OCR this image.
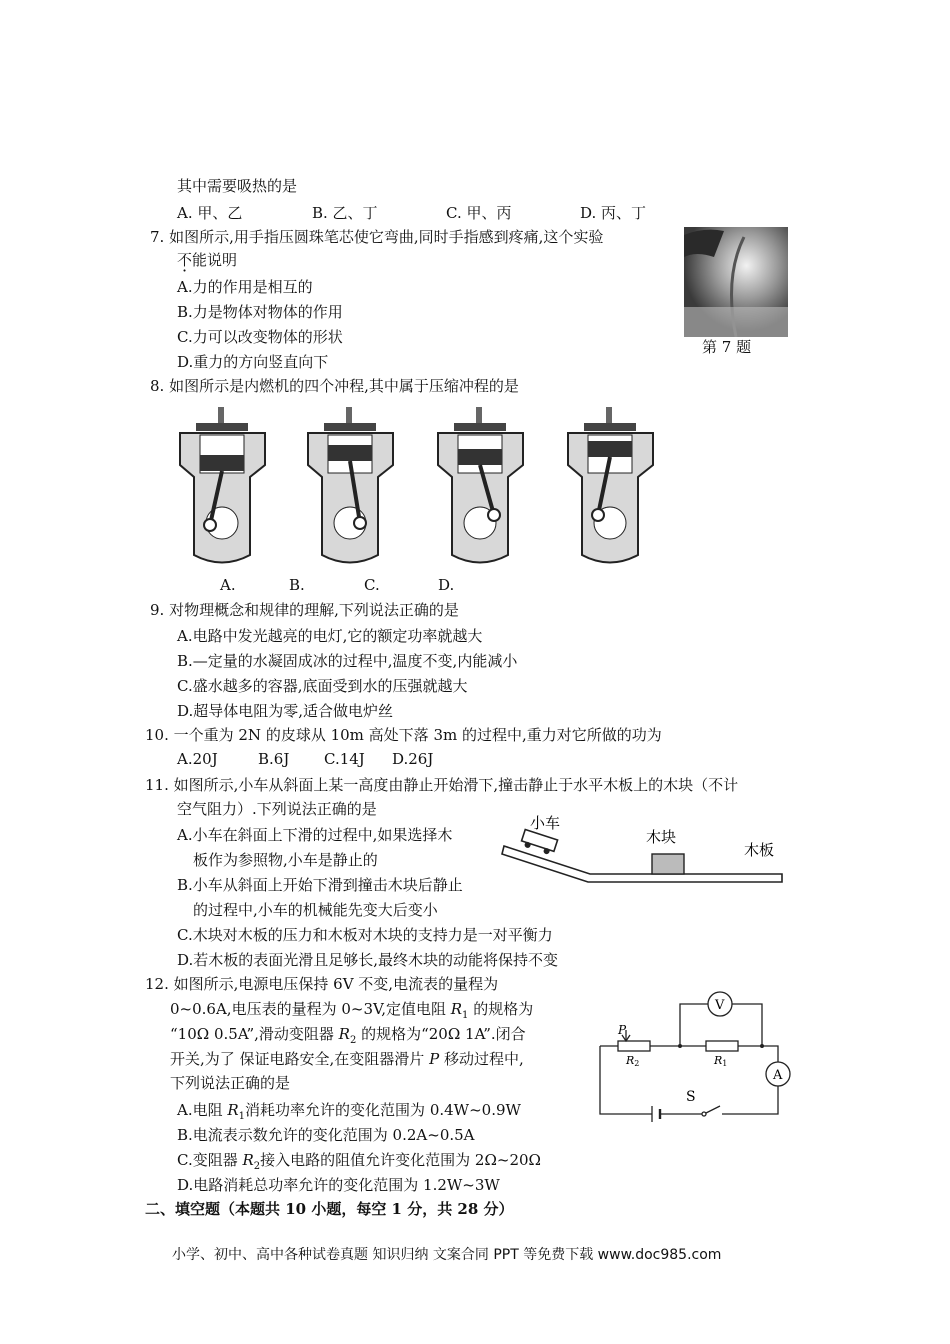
其中需要吸热的是
A. 甲、乙	B. 乙、丁	C. 甲、丙	D. 丙、丁
7. 如图所示,用手指压圆珠笔芯使它弯曲,同时手指感到疼痛,这个实验
不能说明
A.力的作用是相互的
B.力是物体对物体的作用
C.力可以改变物体的形状
D.重力的方向竖直向下
第 7 题
8. 如图所示是内燃机的四个冲程,其中属于压缩冲程的是
A.	B.	C.	D.
9. 对物理概念和规律的理解,下列说法正确的是
A.电路中发光越亮的电灯,它的额定功率就越大
B.—定量的水凝固成冰的过程中,温度不变,内能减小
C.盛水越多的容器,底面受到水的压强就越大
D.超导体电阻为零,适合做电炉丝
10. 一个重为 2N 的皮球从 10m 高处下落 3m 的过程中,重力对它所做的功为
A.20J	B.6J C.14J D.26J
11. 如图所示,小车从斜面上某一高度由静止开始滑下,撞击静止于水平木板上的木块（不计
空气阻力）.下列说法正确的是
A.小车在斜面上下滑的过程中,如果选择木
板作为参照物,小车是静止的
B.小车从斜面上开始下滑到撞击木块后静止
的过程中,小车的机械能先变大后变小
C.木块对木板的压力和木板对木块的支持力是一对平衡力
D.若木板的表面光滑且足够长,最终木块的动能将保持不变
小车
木块
木板
12. 如图所示,电源电压保持 6V 不变,电流表的量程为
0~0.6A,电压表的量程为 0~3V,定值电阻 $R_1$ 的规格为
“10Ω 0.5A”,滑动变阻器 $R_2$ 的规格为“20Ω 1A”.闭合
开关,为了 保证电路安全,在变阻器滑片 P 移动过程中,
下列说法正确的是
A.电阻 $R_1$消耗功率允许的变化范围为 0.4W~0.9W
B.电流表示数允许的变化范围为 0.2A~0.5A
C.变阻器 $R_2$接入电路的阻值允许变化范围为 2Ω~20Ω
D.电路消耗总功率允许的变化范围为 1.2W~3W
V
A
S
P
R2	R1
二、填空题（本题共 10 小题，每空 1 分，共 28 分）
小学、初中、高中各种试卷真题 知识归纳 文案合同 PPT 等免费下载 www.doc985.com
